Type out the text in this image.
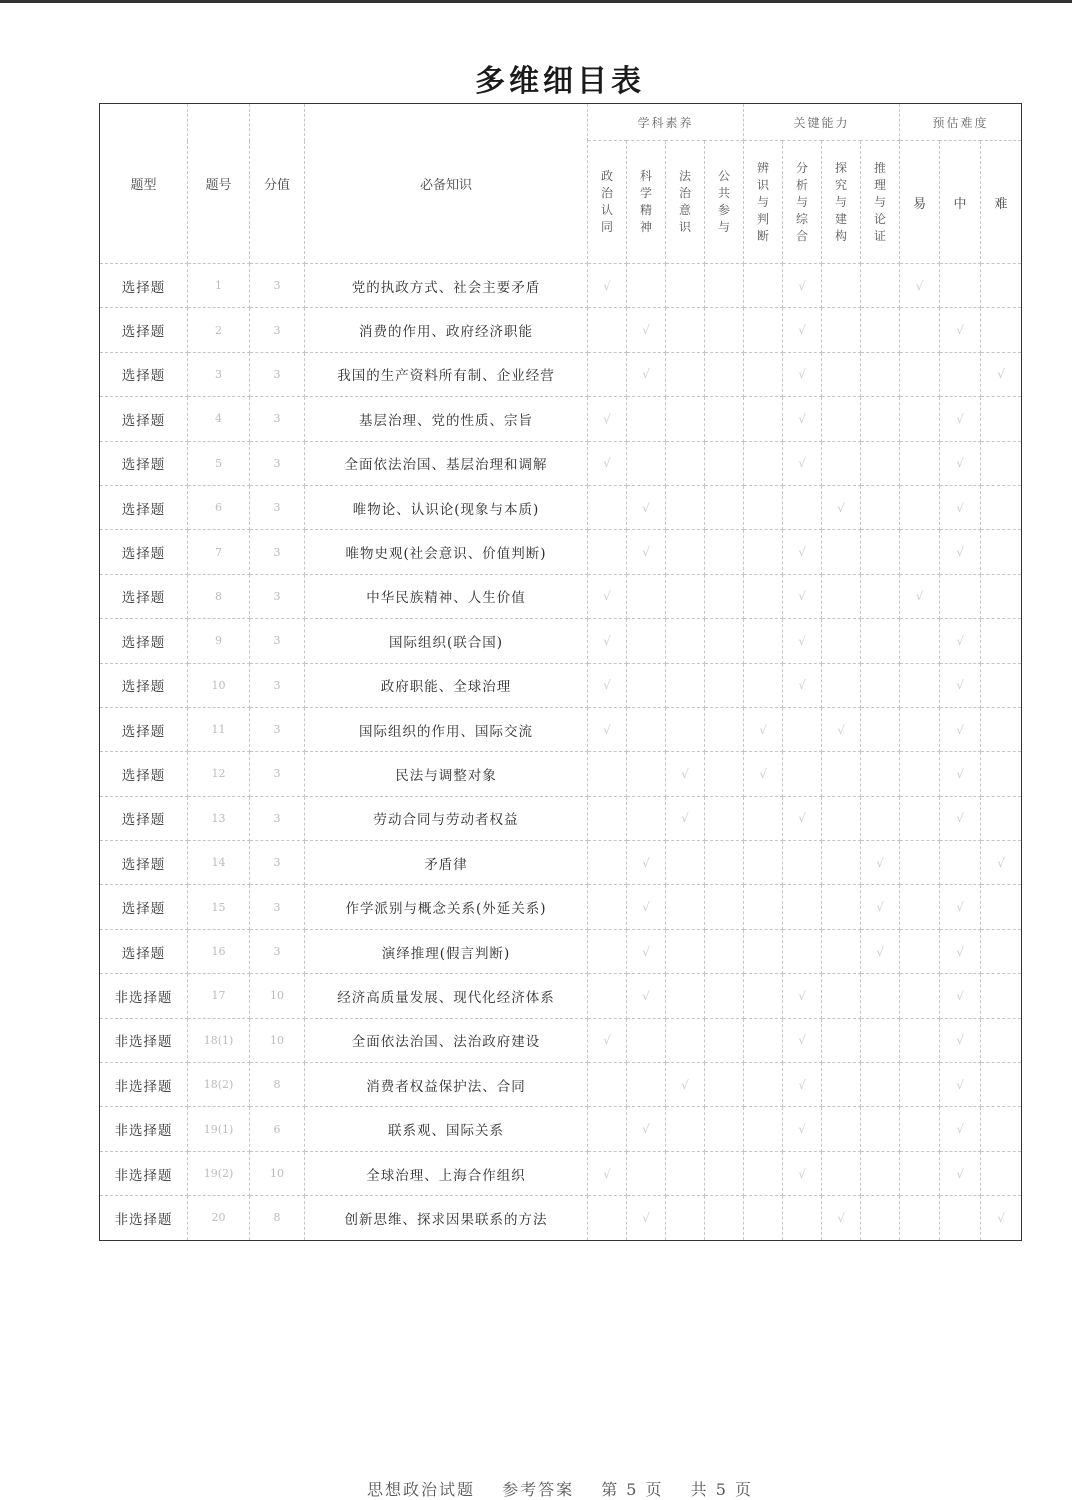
多维细目表
题型	题号	分值	必备知识	学科素养				关键能力				预估难度		
				政治认同	科学精神	法治意识	公共参与	辨识与判断	分析与综合	探究与建构	推理与论证	易	中	难
选择题	1	3	党的执政方式、社会主要矛盾	√					√			√		
选择题	2	3	消费的作用、政府经济职能		√				√				√	
选择题	3	3	我国的生产资料所有制、企业经营		√				√					√
选择题	4	3	基层治理、党的性质、宗旨	√					√				√	
选择题	5	3	全面依法治国、基层治理和调解	√					√				√	
选择题	6	3	唯物论、认识论(现象与本质)		√					√			√	
选择题	7	3	唯物史观(社会意识、价值判断)		√				√				√	
选择题	8	3	中华民族精神、人生价值	√					√			√		
选择题	9	3	国际组织(联合国)	√					√				√	
选择题	10	3	政府职能、全球治理	√					√				√	
选择题	11	3	国际组织的作用、国际交流	√				√		√			√	
选择题	12	3	民法与调整对象			√		√					√	
选择题	13	3	劳动合同与劳动者权益			√			√				√	
选择题	14	3	矛盾律		√						√			√
选择题	15	3	作学派别与概念关系(外延关系)		√						√		√	
选择题	16	3	演绎推理(假言判断)		√						√		√	
非选择题	17	10	经济高质量发展、现代化经济体系		√				√				√	
非选择题	18(1)	10	全面依法治国、法治政府建设	√					√				√	
非选择题	18(2)	8	消费者权益保护法、合同			√			√				√	
非选择题	19(1)	6	联系观、国际关系		√				√				√	
非选择题	19(2)	10	全球治理、上海合作组织	√					√				√	
非选择题	20	8	创新思维、探求因果联系的方法		√					√				√
思想政治试题 参考答案 第 5 页 共 5 页
